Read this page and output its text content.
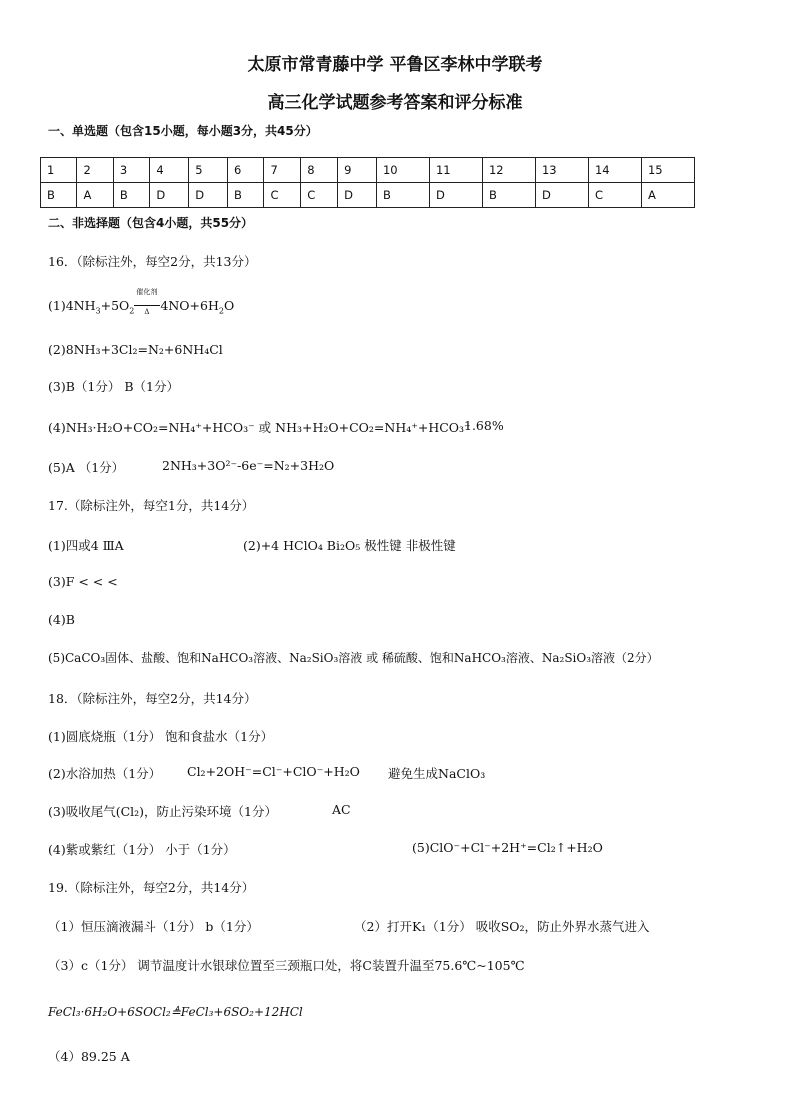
太原市常青藤中学 平鲁区李林中学联考
高三化学试题参考答案和评分标准
一、单选题（包含15小题，每小题3分，共45分）
1	2	3	4	5	6	7	8	9	10	11	12	13	14	15
B	A	B	D	D	B	C	C	D	B	D	B	D	C	A
二、非选择题（包含4小题，共55分）
16．（除标注外，每空2分，共13分）
$(1)4NH_3+5O_2$
催化剂
Δ $4NO+6H_2O$
(2)8NH₃+3Cl₂=N₂+6NH₄Cl
(3)B（1分） B（1分）
(4)NH₃·H₂O+CO₂=NH₄⁺+HCO₃⁻ 或 NH₃+H₂O+CO₂=NH₄⁺+HCO₃⁻
1.68%
(5)A （1分）	2NH₃+3O²⁻-6e⁻=N₂+3H₂O
17.（除标注外，每空1分，共14分）
(1)四或4 ⅢA	(2)+4 HClO₄ Bi₂O₅ 极性键 非极性键
(3)F < < <
(4)B
(5)CaCO₃固体、盐酸、饱和NaHCO₃溶液、Na₂SiO₃溶液 或 稀硫酸、饱和NaHCO₃溶液、Na₂SiO₃溶液（2分）
18．（除标注外，每空2分，共14分）
(1)圆底烧瓶（1分） 饱和食盐水（1分）
(2)水浴加热（1分） Cl₂+2OH⁻=Cl⁻+ClO⁻+H₂O 避免生成NaClO₃
(3)吸收尾气(Cl₂)，防止污染环境（1分）	AC
(4)紫或紫红（1分） 小于（1分）	(5)ClO⁻+Cl⁻+2H⁺=Cl₂↑+H₂O
19.（除标注外，每空2分，共14分）
（1）恒压滴液漏斗（1分） b（1分）	（2）打开K₁（1分） 吸收SO₂，防止外界水蒸气进入
（3）c（1分） 调节温度计水银球位置至三颈瓶口处，将C装置升温至75.6℃~105℃
FeCl₃·6H₂O+6SOCl₂≜FeCl₃+6SO₂+12HCl
（4）89.25 A
